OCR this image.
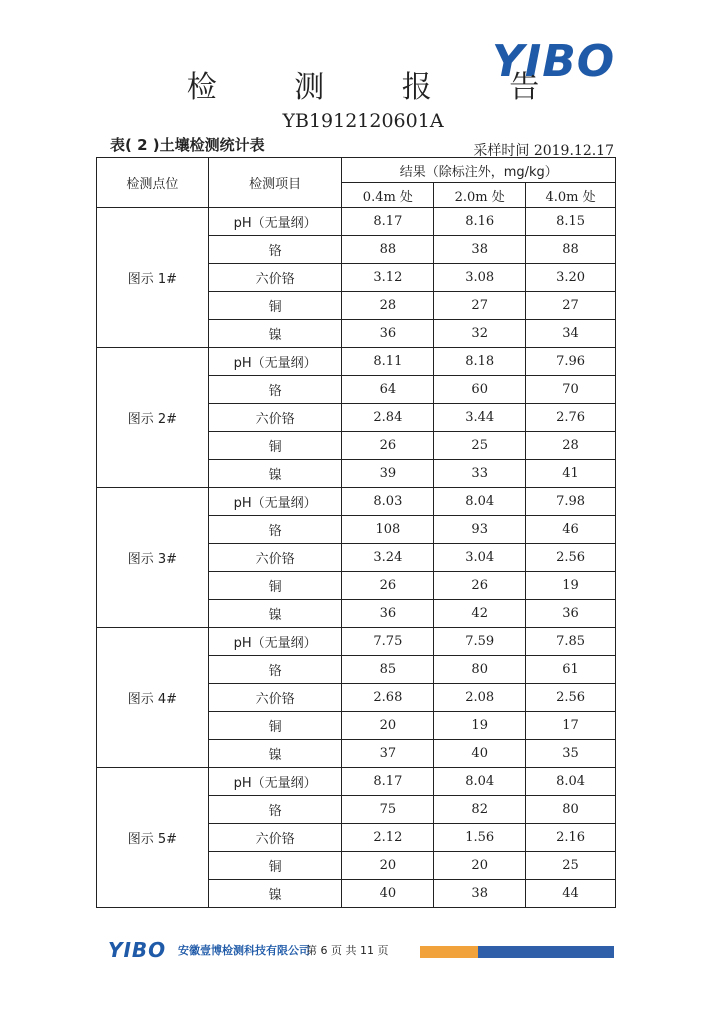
YIBO
检 测 报 告
YB1912120601A
表( 2 )土壤检测统计表	采样时间 2019.12.17
检测点位	检测项目	结果（除标注外，mg/kg）		
		0.4m 处	2.0m 处	4.0m 处
图示 1#	pH（无量纲）	8.17	8.16	8.15
	铬	88	38	88
	六价铬	3.12	3.08	3.20
	铜	28	27	27
	镍	36	32	34
图示 2#	pH（无量纲）	8.11	8.18	7.96
	铬	64	60	70
	六价铬	2.84	3.44	2.76
	铜	26	25	28
	镍	39	33	41
图示 3#	pH（无量纲）	8.03	8.04	7.98
	铬	108	93	46
	六价铬	3.24	3.04	2.56
	铜	26	26	19
	镍	36	42	36
图示 4#	pH（无量纲）	7.75	7.59	7.85
	铬	85	80	61
	六价铬	2.68	2.08	2.56
	铜	20	19	17
	镍	37	40	35
图示 5#	pH（无量纲）	8.17	8.04	8.04
	铬	75	82	80
	六价铬	2.12	1.56	2.16
	铜	20	20	25
	镍	40	38	44
YIBO 安徽壹博检测科技有限公司
第 6 页 共 11 页
